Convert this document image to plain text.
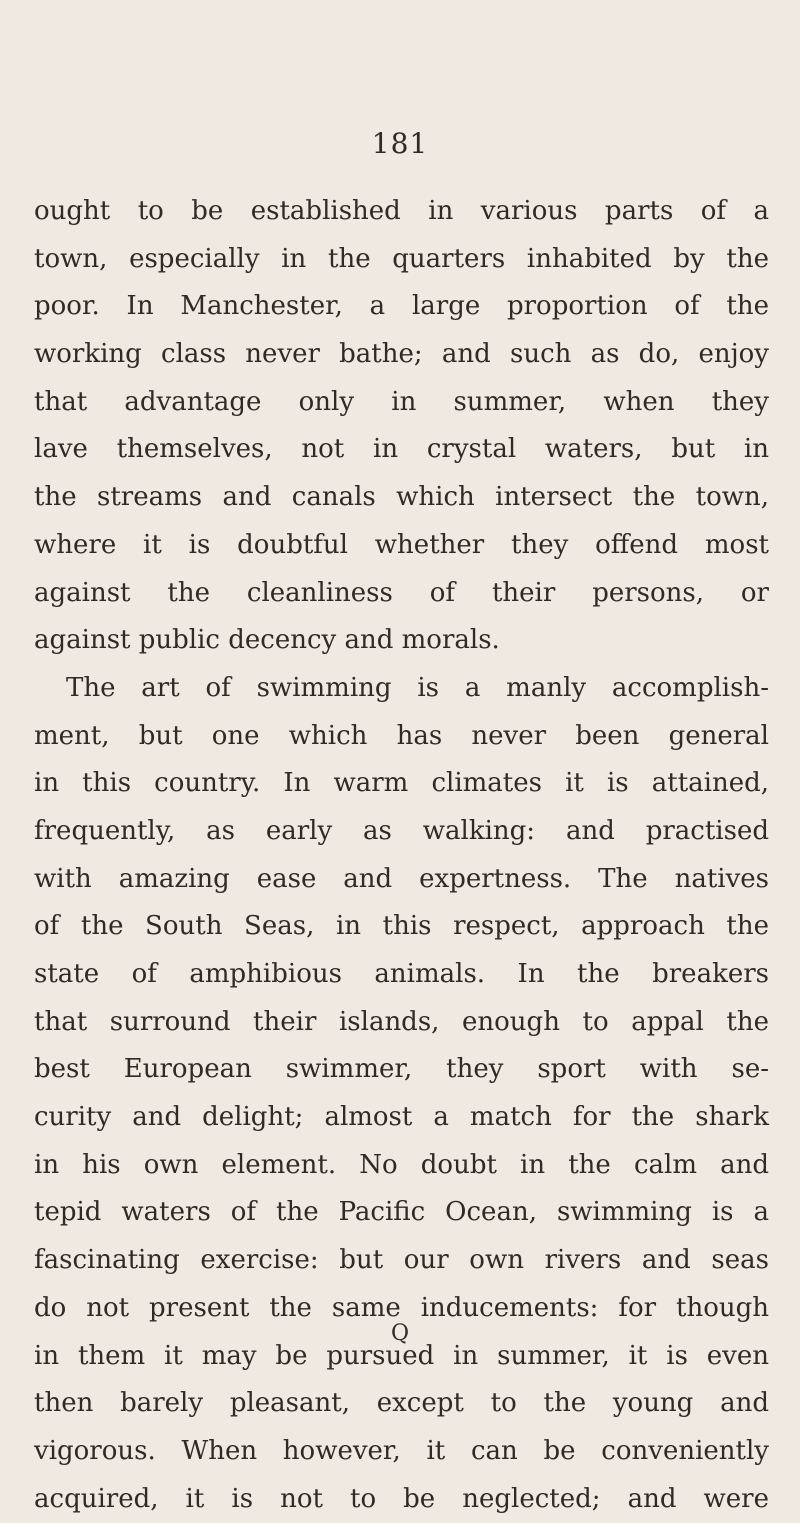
181
ought to be established in various parts of a
town, especially in the quarters inhabited by the
poor. In Manchester, a large proportion of the
working class never bathe; and such as do, enjoy
that advantage only in summer, when they
lave themselves, not in crystal waters, but in
the streams and canals which intersect the town,
where it is doubtful whether they offend most
against the cleanliness of their persons, or
against public decency and morals.
The art of swimming is a manly accomplish-
ment, but one which has never been general
in this country. In warm climates it is attained,
frequently, as early as walking: and practised
with amazing ease and expertness. The natives
of the South Seas, in this respect, approach the
state of amphibious animals. In the breakers
that surround their islands, enough to appal the
best European swimmer, they sport with se-
curity and delight; almost a match for the shark
in his own element. No doubt in the calm and
tepid waters of the Pacific Ocean, swimming is a
fascinating exercise: but our own rivers and seas
do not present the same inducements: for though
in them it may be pursued in summer, it is even
then barely pleasant, except to the young and
vigorous. When however, it can be conveniently
acquired, it is not to be neglected; and were
Q
